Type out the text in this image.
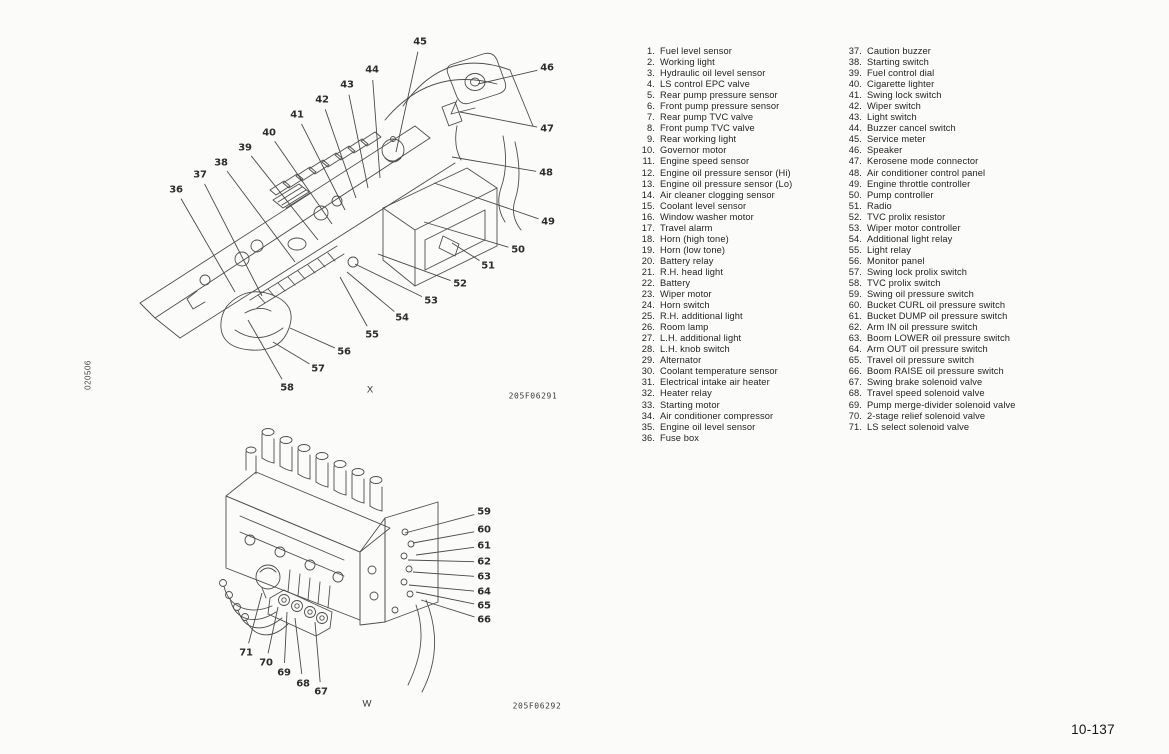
36
37
38
39
40
41
42
43
44
45
46
47
48
49
50
51
52
53
54
55
56
57
58
59
60
61
62
63
64
65
66
67
68
69
70
71
X
205F06291
W	205F06292
1. Fuel level sensor
2. Working light
3. Hydraulic oil level sensor
4. LS control EPC valve
5. Rear pump pressure sensor
6. Front pump pressure sensor
7. Rear pump TVC valve
8. Front pump TVC valve
9. Rear working light
10. Governor motor
11. Engine speed sensor
12. Engine oil pressure sensor (Hi)
13. Engine oil pressure sensor (Lo)
14. Air cleaner clogging sensor
15. Coolant level sensor
16. Window washer motor
17. Travel alarm
18. Horn (high tone)
19. Horn (low tone)
20. Battery relay
21. R.H. head light
22. Battery
23. Wiper motor
24. Horn switch
25. R.H. additional light
26. Room lamp
27. L.H. additional light
28. L.H. knob switch
29. Alternator
30. Coolant temperature sensor
31. Electrical intake air heater
32. Heater relay
33. Starting motor
34. Air conditioner compressor
35. Engine oil level sensor
36. Fuse box
37. Caution buzzer
38. Starting switch
39. Fuel control dial
40. Cigarette lighter
41. Swing lock switch
42. Wiper switch
43. Light switch
44. Buzzer cancel switch
45. Service meter
46. Speaker
47. Kerosene mode connector
48. Air conditioner control panel
49. Engine throttle controller
50. Pump controller
51. Radio
52. TVC prolix resistor
53. Wiper motor controller
54. Additional light relay
55. Light relay
56. Monitor panel
57. Swing lock prolix switch
58. TVC prolix switch
59. Swing oil pressure switch
60. Bucket CURL oil pressure switch
61. Bucket DUMP oil pressure switch
62. Arm IN oil pressure switch
63. Boom LOWER oil pressure switch
64. Arm OUT oil pressure switch
65. Travel oil pressure switch
66. Boom RAISE oil pressure switch
67. Swing brake solenoid valve
68. Travel speed solenoid valve
69. Pump merge-divider solenoid valve
70. 2-stage relief solenoid valve
71. LS select solenoid valve
020506
10-137
